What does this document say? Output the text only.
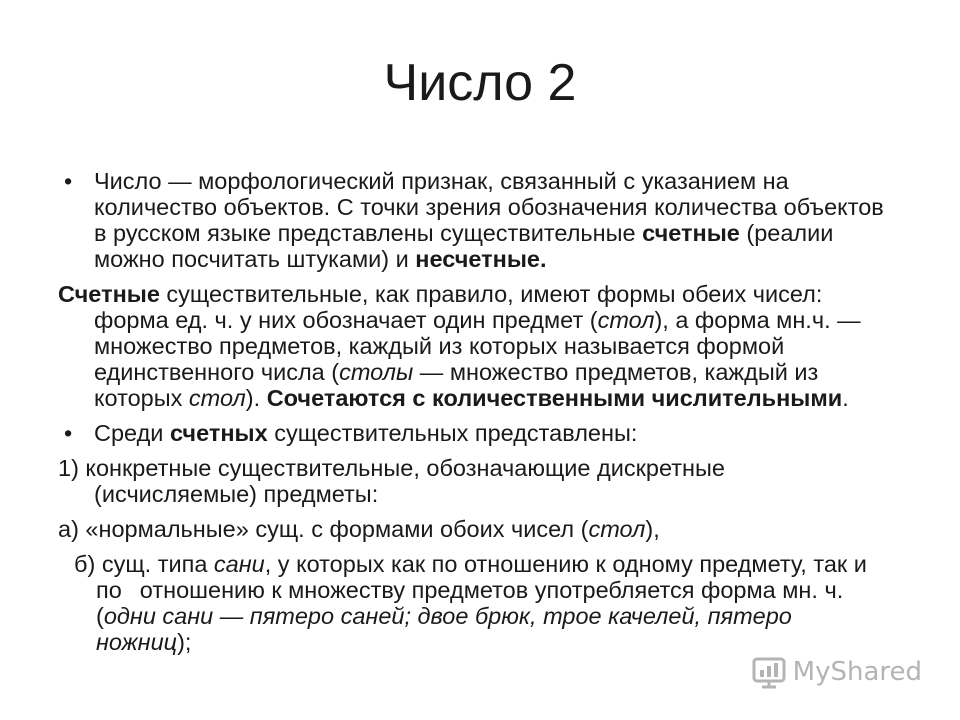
Число 2

• Число — морфологический признак, связанный с указанием на количество объектов. С точки зрения обозначения количества объектов в русском языке представлены существительные счетные (реалии можно посчитать штуками) и несчетные.

Счетные существительные, как правило, имеют формы обеих чисел: форма ед. ч. у них обозначает один предмет (стол), а форма мн.ч. — множество предметов, каждый из которых называется формой единственного числа (столы — множество предметов, каждый из которых стол). Сочетаются с количественными числительными.

• Среди счетных существительных представлены:

1) конкретные существительные, обозначающие дискретные (исчисляемые) предметы:

а) «нормальные» сущ. с формами обоих чисел (стол),

б) сущ. типа сани, у которых как по отношению к одному предмету, так и по отношению к множеству предметов употребляется форма мн. ч. (одни сани — пятеро саней; двое брюк, трое качелей, пятеро ножниц);

MyShared
